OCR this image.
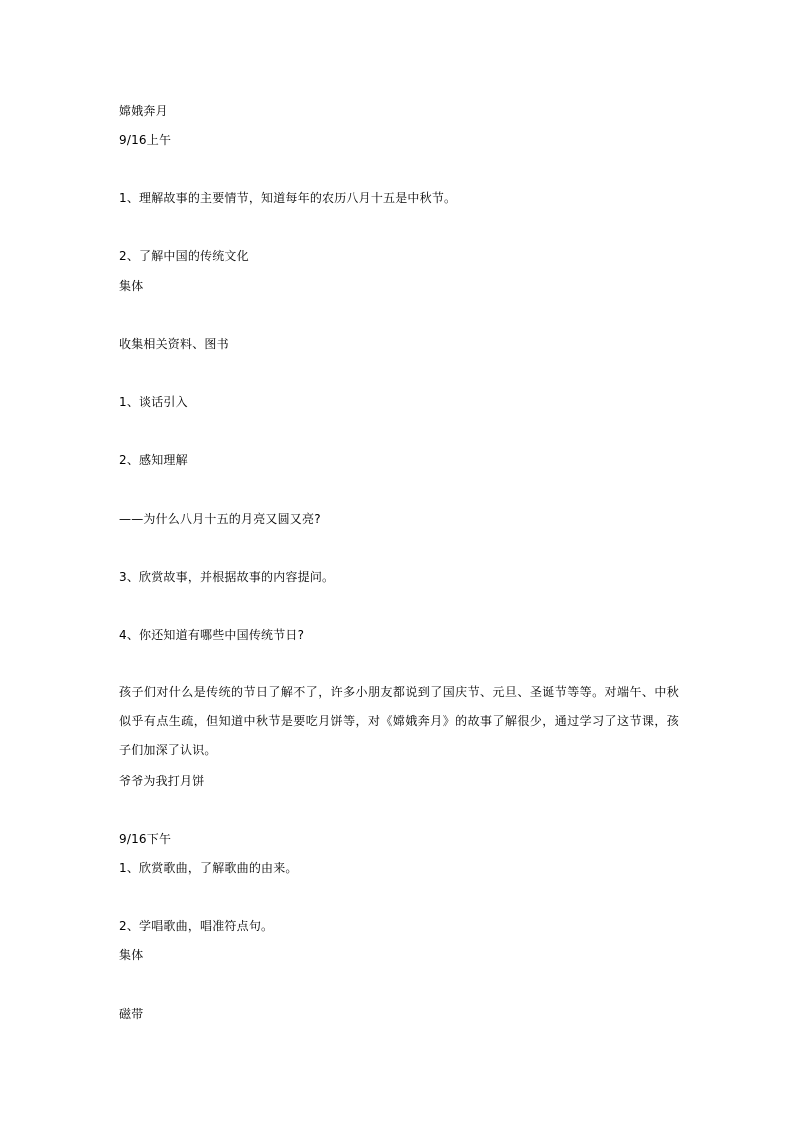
嫦娥奔月
9/16上午
1、理解故事的主要情节，知道每年的农历八月十五是中秋节。
2、了解中国的传统文化
集体
收集相关资料、图书
1、谈话引入
2、感知理解
——为什么八月十五的月亮又圆又亮?
3、欣赏故事，并根据故事的内容提问。
4、你还知道有哪些中国传统节日?
孩子们对什么是传统的节日了解不了，许多小朋友都说到了国庆节、元旦、圣诞节等等。对端午、中秋似乎有点生疏，但知道中秋节是要吃月饼等，对《嫦娥奔月》的故事了解很少，通过学习了这节课，孩子们加深了认识。
爷爷为我打月饼
9/16下午
1、欣赏歌曲，了解歌曲的由来。
2、学唱歌曲，唱准符点句。
集体
磁带
